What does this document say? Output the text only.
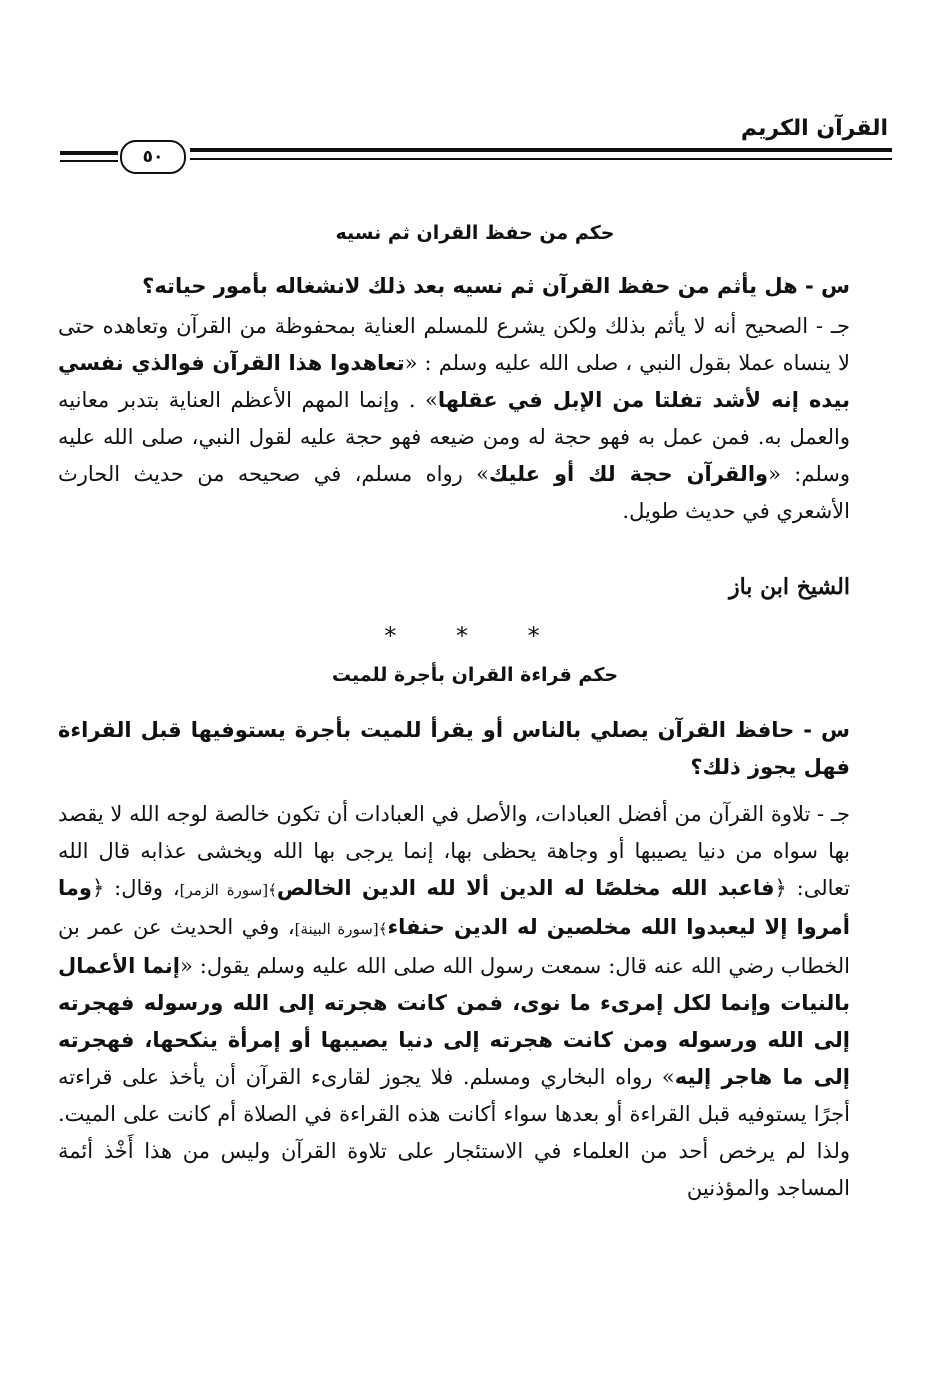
القرآن الكريم
٥٠
حكم من حفظ القران ثم نسيه
س - هل يأثم من حفظ القرآن ثم نسيه بعد ذلك لانشغاله بأمور حياته؟
جـ - الصحيح أنه لا يأثم بذلك ولكن يشرع للمسلم العناية بمحفوظة من القرآن وتعاهده حتى لا ينساه عملا بقول النبي ، صلى الله عليه وسلم : «تعاهدوا هذا القرآن فوالذي نفسي بيده إنه لأشد تفلتا من الإبل في عقلها» . وإنما المهم الأعظم العناية بتدبر معانيه والعمل به. فمن عمل به فهو حجة له ومن ضيعه فهو حجة عليه لقول النبي، صلى الله عليه وسلم: «والقرآن حجة لك أو عليك» رواه مسلم، في صحيحه من حديث الحارث الأشعري في حديث طويل.
الشيخ ابن باز
* * *
حكم قراءة القران بأجرة للميت
س - حافظ القرآن يصلي بالناس أو يقرأ للميت بأجرة يستوفيها قبل القراءة فهل يجوز ذلك؟
جـ - تلاوة القرآن من أفضل العبادات، والأصل في العبادات أن تكون خالصة لوجه الله لا يقصد بها سواه من دنيا يصيبها أو وجاهة يحظى بها، إنما يرجى بها الله ويخشى عذابه قال الله تعالى: ﴿فاعبد الله مخلصًا له الدين ألا لله الدين الخالص﴾[سورة الزمر]، وقال: ﴿وما أمروا إلا ليعبدوا الله مخلصين له الدين حنفاء﴾[سورة البينة]، وفي الحديث عن عمر بن الخطاب رضي الله عنه قال: سمعت رسول الله صلى الله عليه وسلم يقول: «إنما الأعمال بالنيات وإنما لكل إمرىء ما نوى، فمن كانت هجرته إلى الله ورسوله فهجرته إلى الله ورسوله ومن كانت هجرته إلى دنيا يصيبها أو إمرأة ينكحها، فهجرته إلى ما هاجر إليه» رواه البخاري ومسلم. فلا يجوز لقارىء القرآن أن يأخذ على قراءته أجرًا يستوفيه قبل القراءة أو بعدها سواء أكانت هذه القراءة في الصلاة أم كانت على الميت. ولذا لم يرخص أحد من العلماء في الاستئجار على تلاوة القرآن وليس من هذا أَخْذ أئمة المساجد والمؤذنين
